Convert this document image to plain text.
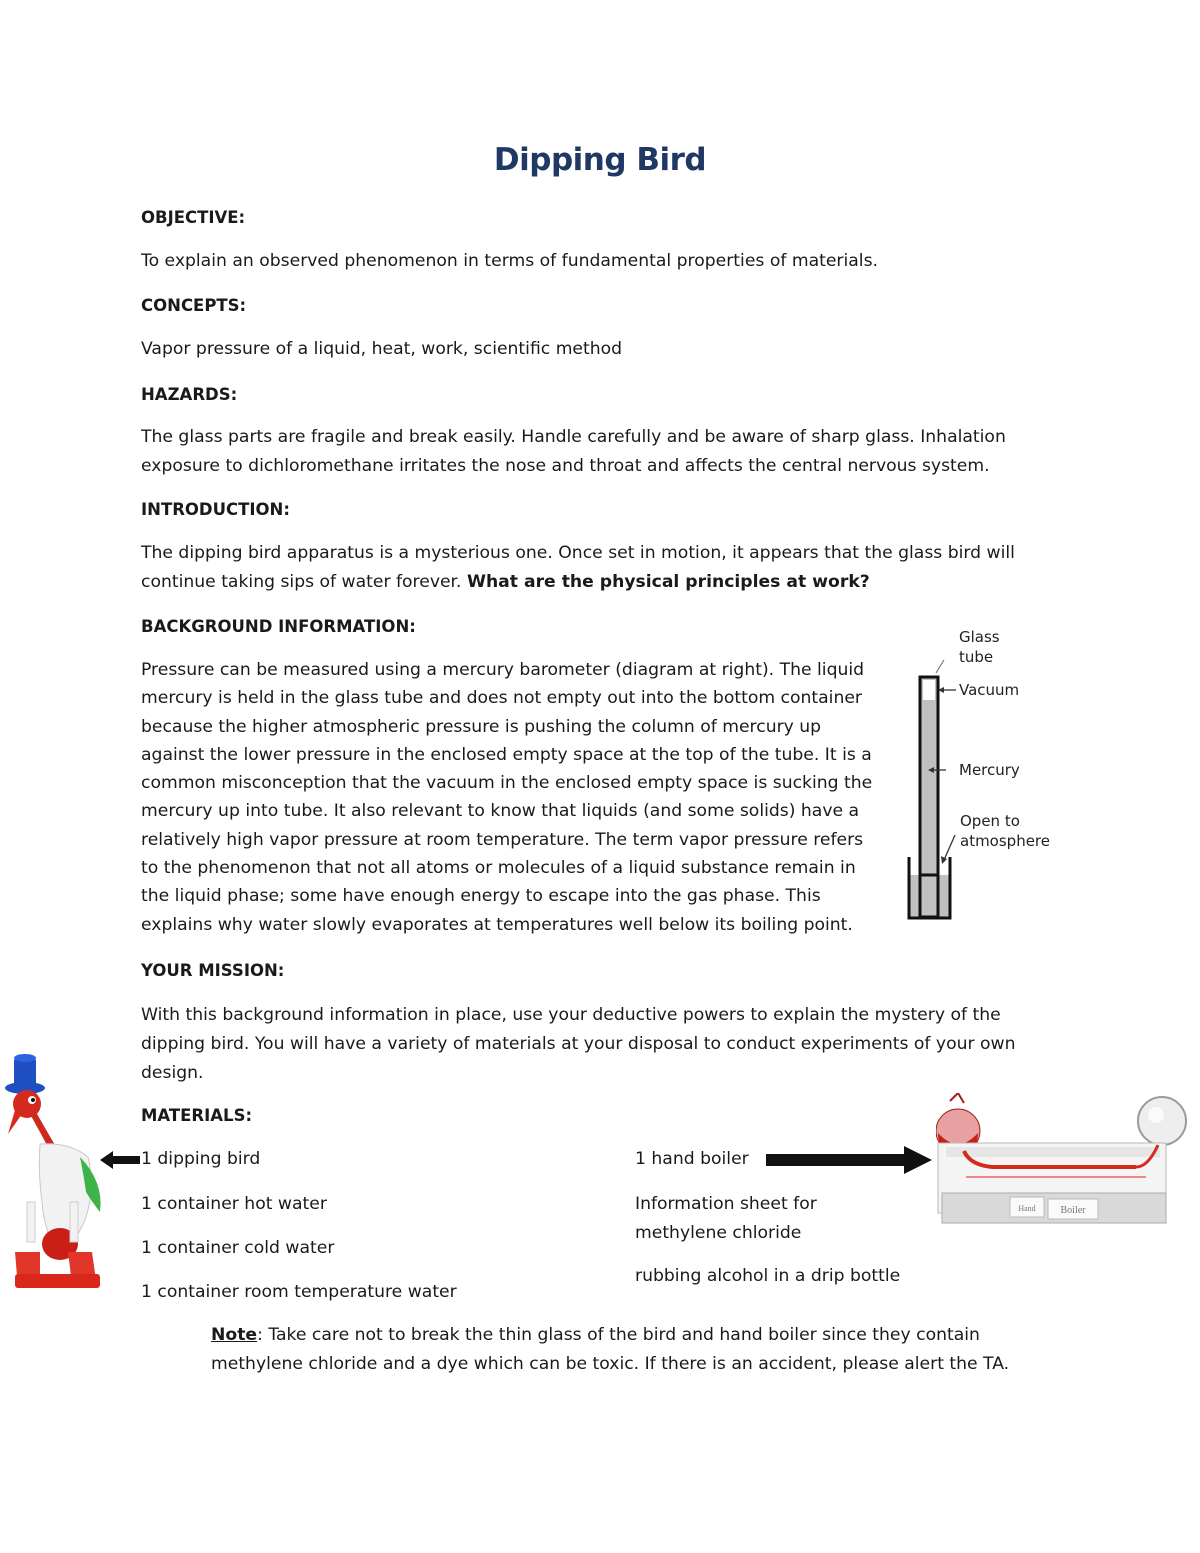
Dipping Bird
OBJECTIVE:
To explain an observed phenomenon in terms of fundamental properties of materials.
CONCEPTS:
Vapor pressure of a liquid, heat, work, scientific method
HAZARDS:
The glass parts are fragile and break easily. Handle carefully and be aware of sharp glass. Inhalation
exposure to dichloromethane irritates the nose and throat and affects the central nervous system.
INTRODUCTION:
The dipping bird apparatus is a mysterious one. Once set in motion, it appears that the glass bird will
continue taking sips of water forever. What are the physical principles at work?
BACKGROUND INFORMATION:
Pressure can be measured using a mercury barometer (diagram at right). The liquid
mercury is held in the glass tube and does not empty out into the bottom container
because the higher atmospheric pressure is pushing the column of mercury up
against the lower pressure in the enclosed empty space at the top of the tube. It is a
common misconception that the vacuum in the enclosed empty space is sucking the
mercury up into tube. It also relevant to know that liquids (and some solids) have a
relatively high vapor pressure at room temperature. The term vapor pressure refers
to the phenomenon that not all atoms or molecules of a liquid substance remain in
the liquid phase; some have enough energy to escape into the gas phase. This
explains why water slowly evaporates at temperatures well below its boiling point.
Glass
tube
Vacuum
Mercury
Open to
atmosphere
YOUR MISSION:
With this background information in place, use your deductive powers to explain the mystery of the
dipping bird. You will have a variety of materials at your disposal to conduct experiments of your own
design.
MATERIALS:
1 dipping bird
1 container hot water
1 container cold water
1 container room temperature water
1 hand boiler
Information sheet for
methylene chloride
rubbing alcohol in a drip bottle
Hand Boiler
Note: Take care not to break the thin glass of the bird and hand boiler since they contain
methylene chloride and a dye which can be toxic. If there is an accident, please alert the TA.
